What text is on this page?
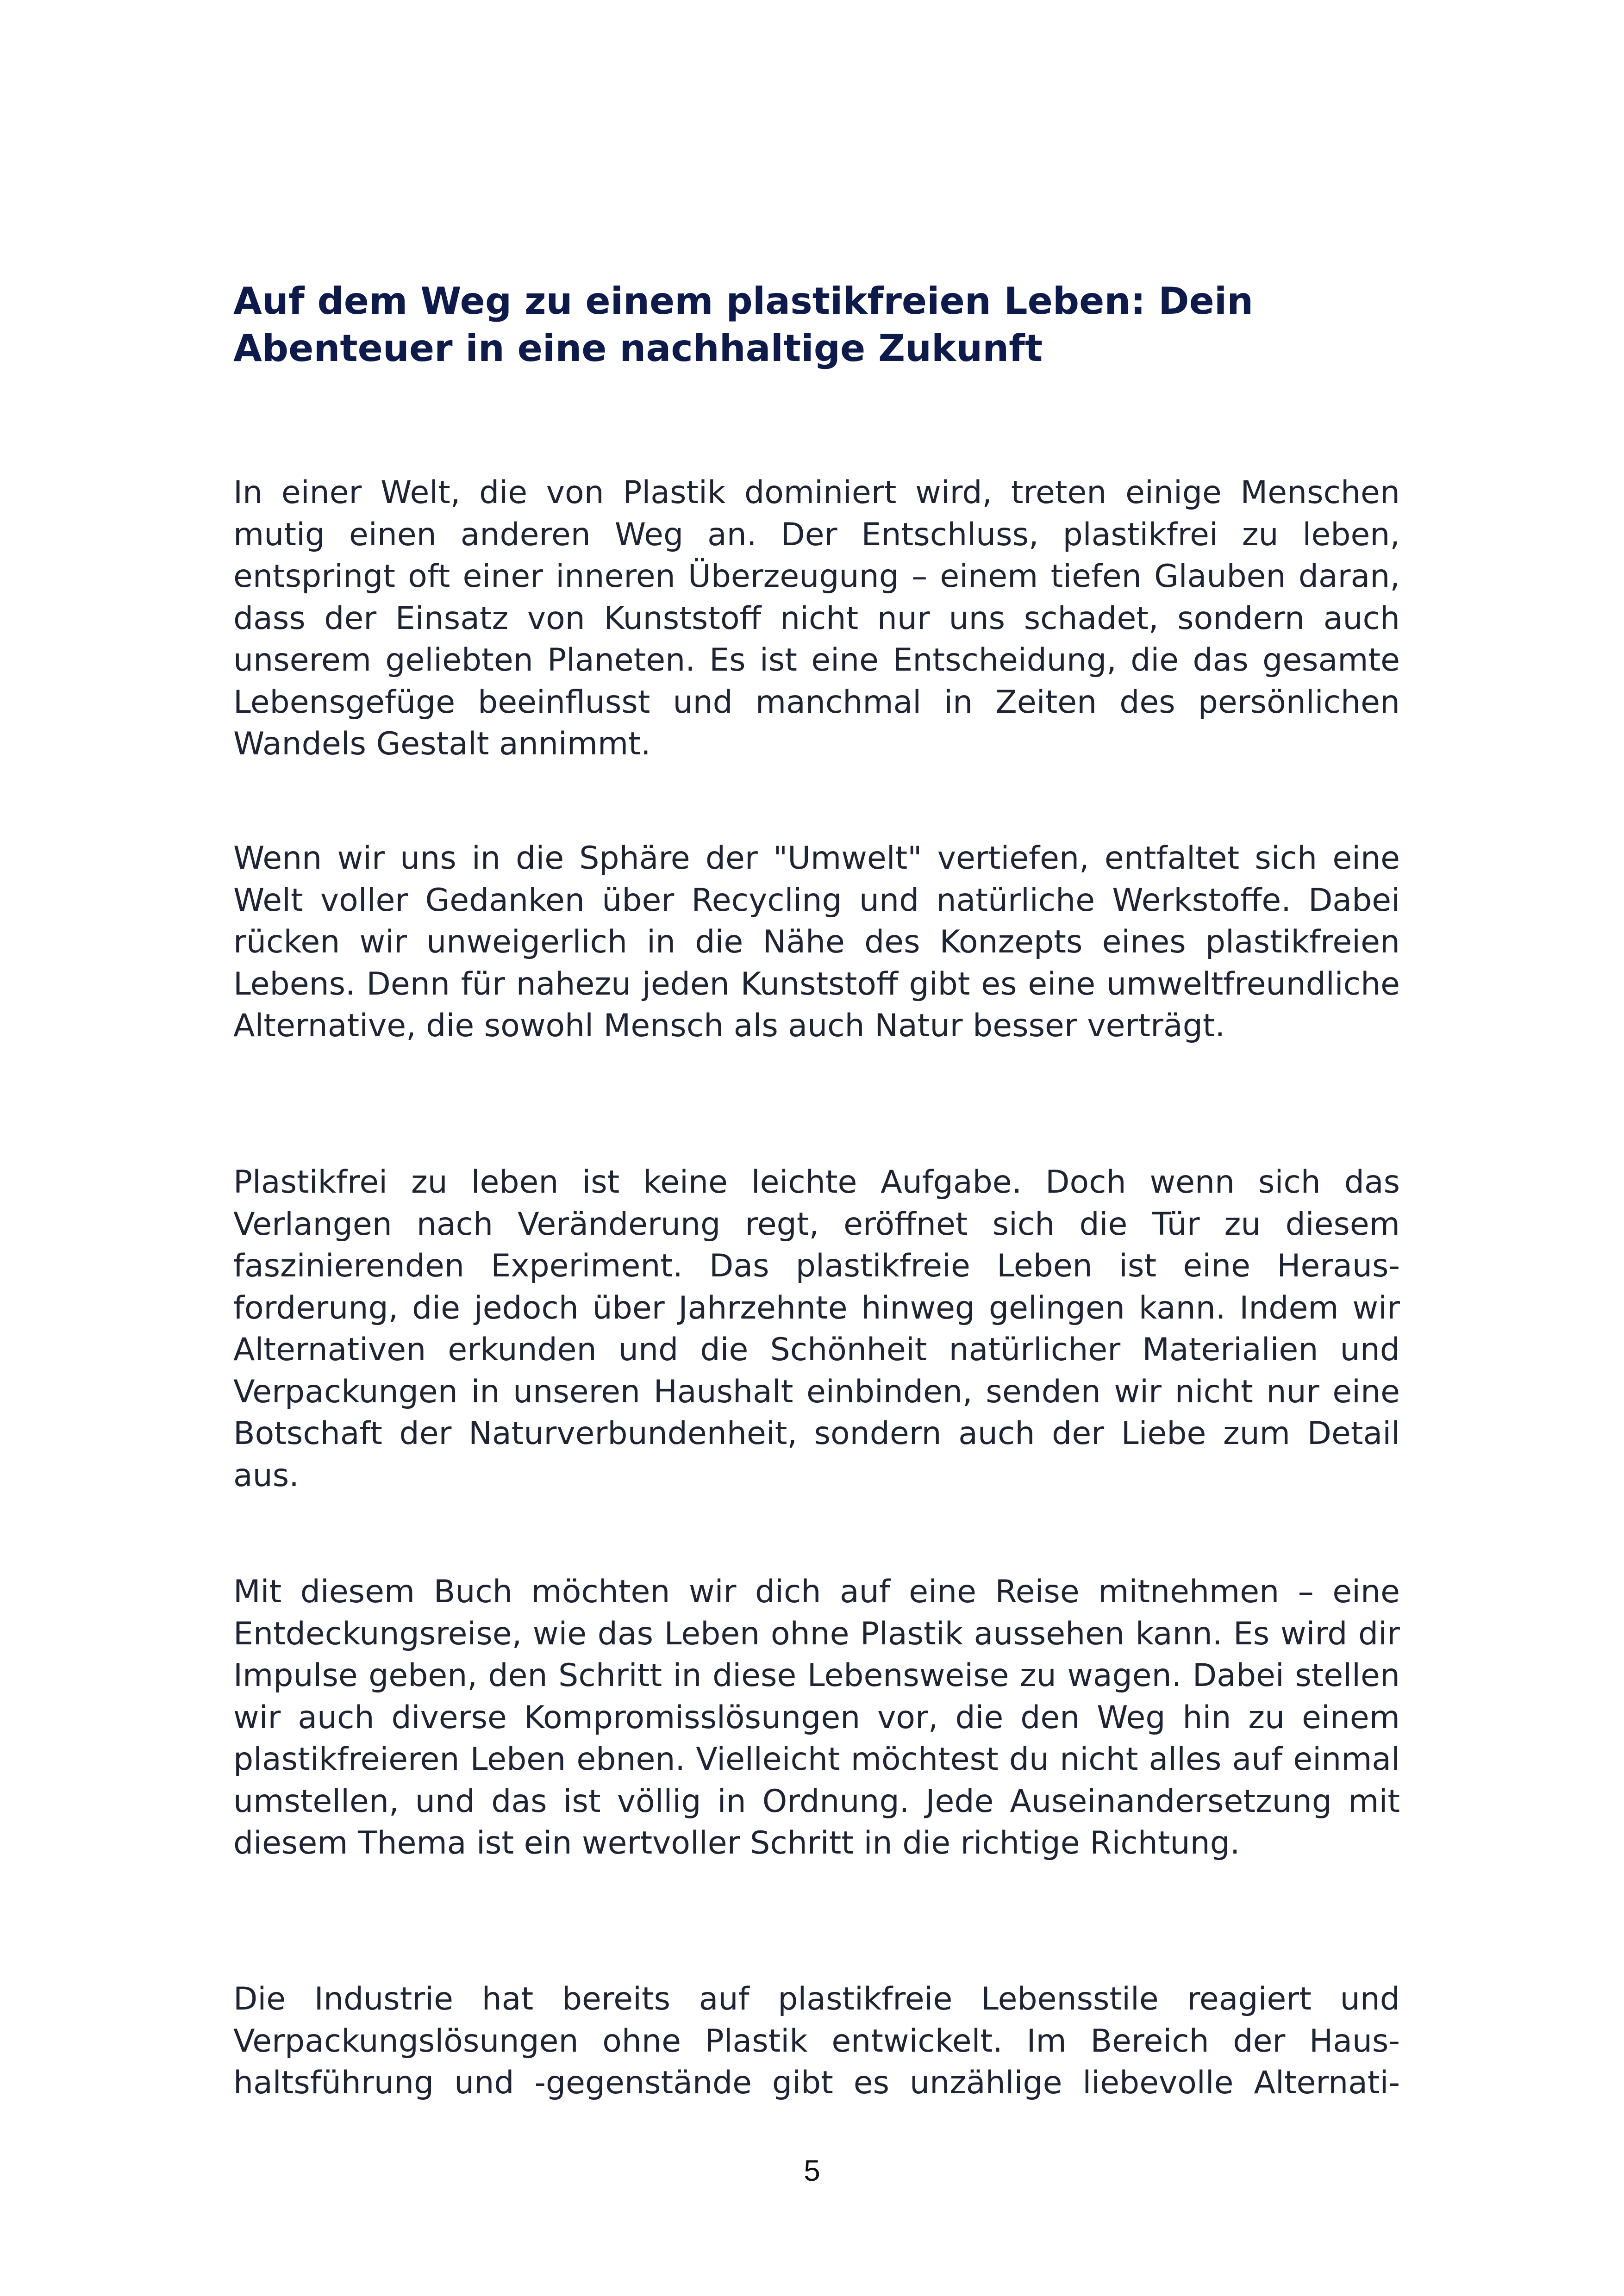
Auf dem Weg zu einem plastikfreien Leben: Dein Abenteuer in eine nachhaltige Zukunft

In einer Welt, die von Plastik dominiert wird, treten einige Menschen mutig einen anderen Weg an. Der Entschluss, plastikfrei zu leben, entspringt oft einer inneren Überzeugung – einem tiefen Glauben daran, dass der Einsatz von Kunststoff nicht nur uns schadet, sondern auch unserem geliebten Planeten. Es ist eine Entscheidung, die das gesamte Lebensgefüge beeinflusst und manchmal in Zeiten des persönlichen Wandels Gestalt annimmt.

Wenn wir uns in die Sphäre der "Umwelt" vertiefen, entfaltet sich eine Welt voller Gedanken über Recycling und natürliche Werkstoffe. Dabei rücken wir unweigerlich in die Nähe des Konzepts eines plastikfreien Lebens. Denn für nahezu jeden Kunststoff gibt es eine umweltfreundliche Alternative, die sowohl Mensch als auch Natur besser verträgt.

Plastikfrei zu leben ist keine leichte Aufgabe. Doch wenn sich das Verlangen nach Veränderung regt, eröffnet sich die Tür zu diesem faszinierenden Experiment. Das plastikfreie Leben ist eine Herausforderung, die jedoch über Jahrzehnte hinweg gelingen kann. Indem wir Alternativen erkunden und die Schönheit natürlicher Materialien und Verpackungen in unseren Haushalt einbinden, senden wir nicht nur eine Botschaft der Naturverbundenheit, sondern auch der Liebe zum Detail aus.

Mit diesem Buch möchten wir dich auf eine Reise mitnehmen – eine Entdeckungsreise, wie das Leben ohne Plastik aussehen kann. Es wird dir Impulse geben, den Schritt in diese Lebensweise zu wagen. Dabei stellen wir auch diverse Kompromisslösungen vor, die den Weg hin zu einem plastikfreieren Leben ebnen. Vielleicht möchtest du nicht alles auf einmal umstellen, und das ist völlig in Ordnung. Jede Auseinandersetzung mit diesem Thema ist ein wertvoller Schritt in die richtige Richtung.

Die Industrie hat bereits auf plastikfreie Lebensstile reagiert und Verpackungslösungen ohne Plastik entwickelt. Im Bereich der Haushaltsführung und -gegenstände gibt es unzählige liebevolle Alternati-

5
